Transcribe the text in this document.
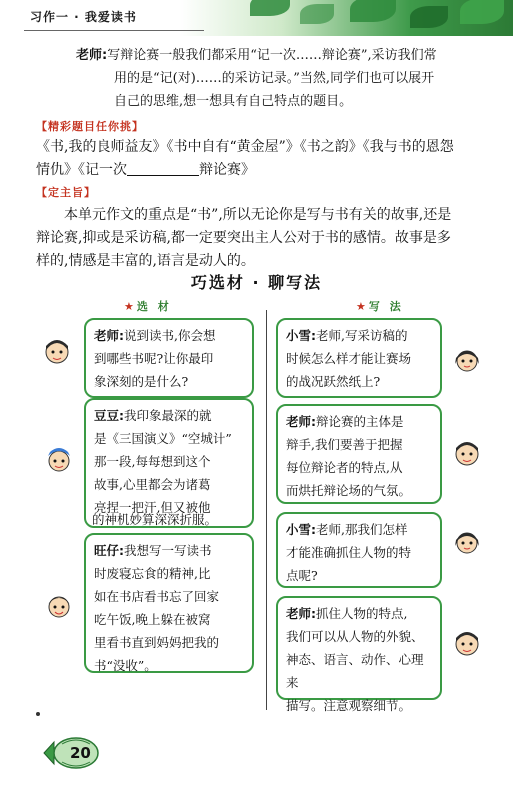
习作一 · 我爱读书
老师:写辩论赛一般我们都采用“记一次……辩论赛”,采访我们常
用的是“记(对)……的采访记录。”当然,同学们也可以展开
自己的思维,想一想具有自己特点的题目。
【精彩题目任你挑】
《书,我的良师益友》《书中自有“黄金屋”》《书之韵》《我与书的恩怨
情仇》《记一次	辩论赛》
【定主旨】
本单元作文的重点是“书”,所以无论你是写与书有关的故事,还是
辩论赛,抑或是采访稿,都一定要突出主人公对于书的感情。故事是多
样的,情感是丰富的,语言是动人的。
巧选材 · 聊写法
★选 材	★写 法
老师:说到读书,你会想
到哪些书呢?让你最印
象深刻的是什么?
豆豆:我印象最深的就
是《三国演义》“空城计”
那一段,每每想到这个
故事,心里都会为诸葛
亮捏一把汗,但又被他
的神机妙算深深折服。
旺仔:我想写一写读书
时废寝忘食的精神,比
如在书店看书忘了回家
吃午饭,晚上躲在被窝
里看书直到妈妈把我的
书“没收”。
小雪:老师,写采访稿的
时候怎么样才能让赛场
的战况跃然纸上?
老师:辩论赛的主体是
辩手,我们要善于把握
每位辩论者的特点,从
而烘托辩论场的气氛。
小雪:老师,那我们怎样
才能准确抓住人物的特
点呢?
老师:抓住人物的特点,
我们可以从人物的外貌、
神态、语言、动作、心理来
描写。注意观察细节。
20
